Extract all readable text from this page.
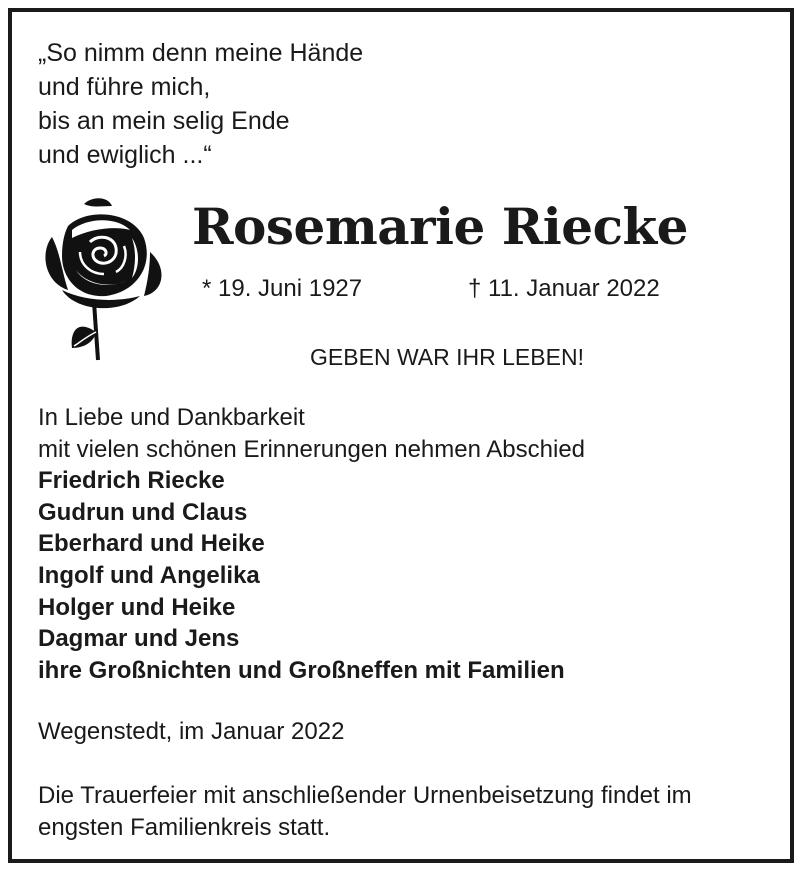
„So nimm denn meine Hände
und führe mich,
bis an mein selig Ende
und ewiglich ...“
Rosemarie Riecke
* 19. Juni 1927	† 11. Januar 2022
GEBEN WAR IHR LEBEN!
In Liebe und Dankbarkeit
mit vielen schönen Erinnerungen nehmen Abschied
Friedrich Riecke
Gudrun und Claus
Eberhard und Heike
Ingolf und Angelika
Holger und Heike
Dagmar und Jens
ihre Großnichten und Großneffen mit Familien
Wegenstedt, im Januar 2022
Die Trauerfeier mit anschließender Urnenbeisetzung findet im engsten Familienkreis statt.
